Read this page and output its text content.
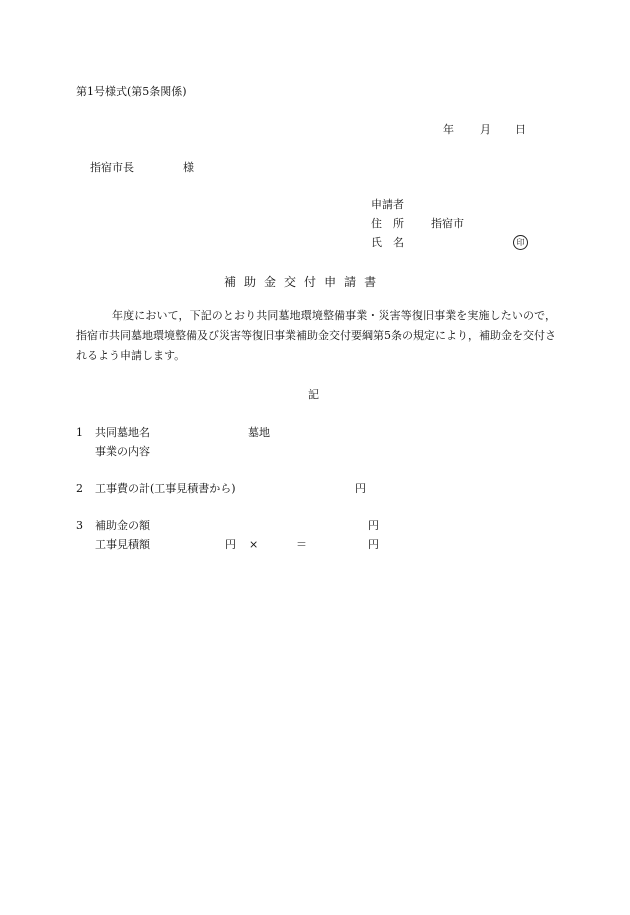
第1号様式(第5条関係)
年 月 日
指宿市長	様
申請者
住　所 指宿市
氏　名	印
補 助 金 交 付 申 請 書
年度において，下記のとおり共同墓地環境整備事業・災害等復旧事業を実施したいので，指宿市共同墓地環境整備及び災害等復旧事業補助金交付要綱第5条の規定により，補助金を交付されるよう申請します。
記
1 共同墓地名	墓地
事業の内容
2 工事費の計(工事見積書から)	円
3 補助金の額	円
工事見積額	円 ×	＝	円
